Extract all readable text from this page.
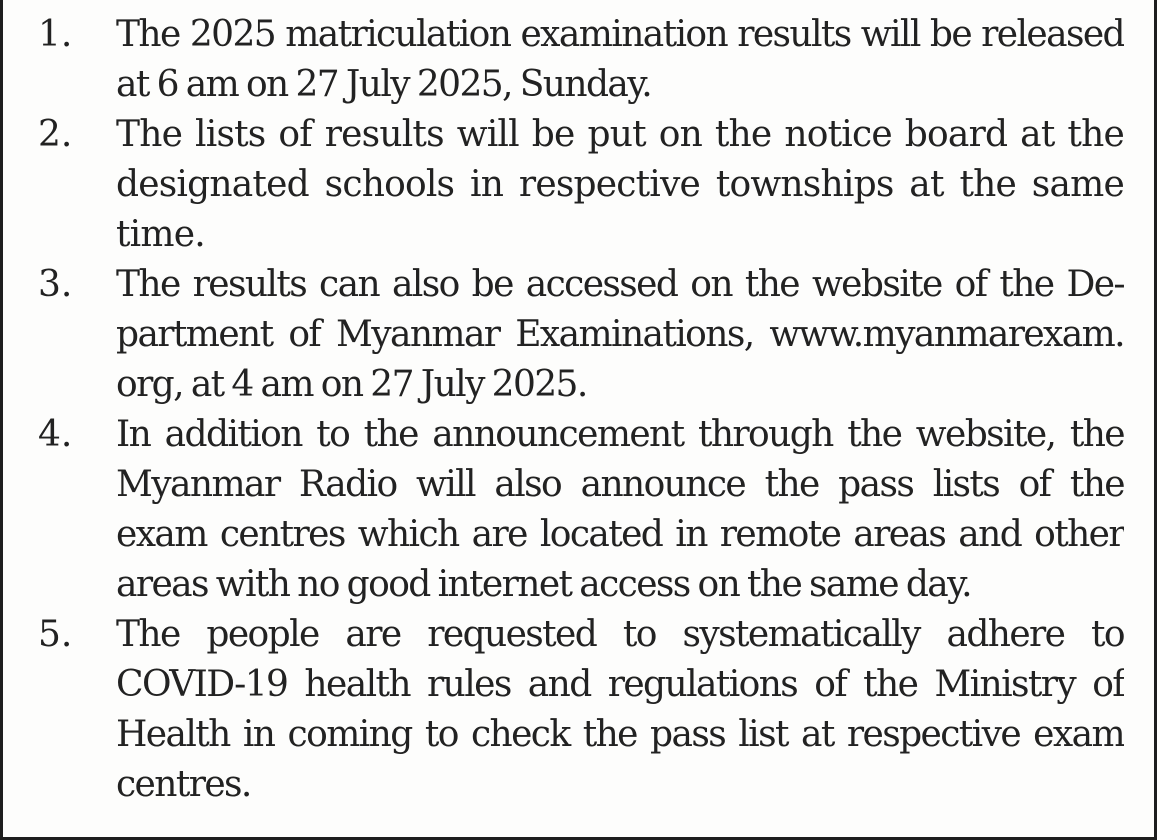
1.	The 2025 matriculation examination results will be released
at 6 am on 27 July 2025, Sunday.
2.	The lists of results will be put on the notice board at the
designated schools in respective townships at the same
time.
3.	The results can also be accessed on the website of the De-
partment of Myanmar Examinations, www.myanmarexam.
org, at 4 am on 27 July 2025.
4.	In addition to the announcement through the website, the
Myanmar Radio will also announce the pass lists of the
exam centres which are located in remote areas and other
areas with no good internet access on the same day.
5.	The people are requested to systematically adhere to
COVID-19 health rules and regulations of the Ministry of
Health in coming to check the pass list at respective exam
centres.
